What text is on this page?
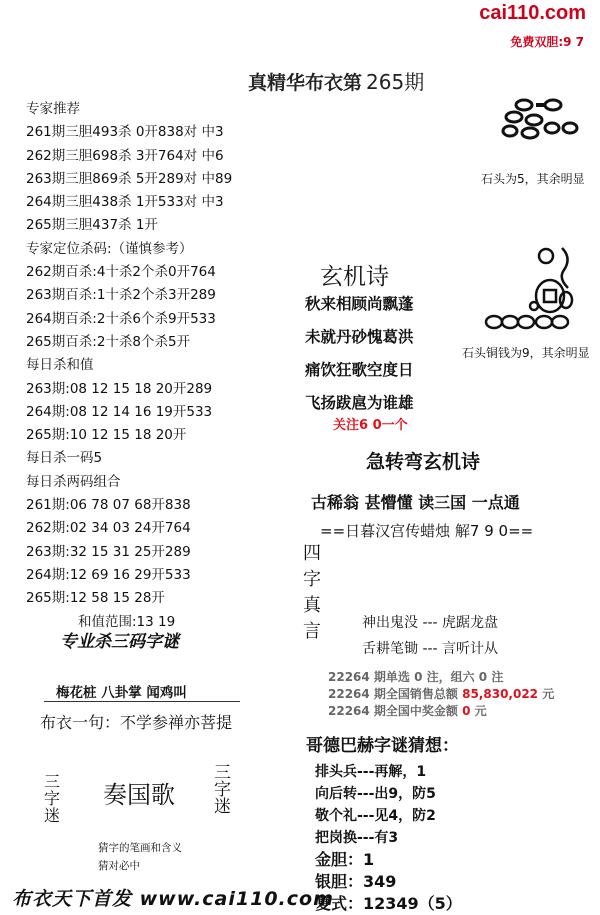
cai110.com
免费双胆:9 7
真精华布衣第 265期
专家推荐
261期三胆493杀 0开838对 中3
262期三胆698杀 3开764对 中6
263期三胆869杀 5开289对 中89
264期三胆438杀 1开533对 中3
265期三胆437杀 1开
专家定位杀码:（谨慎参考）
262期百杀:4十杀2个杀0开764
263期百杀:1十杀2个杀3开289
264期百杀:2十杀6个杀9开533
265期百杀:2十杀8个杀5开
每日杀和值
263期:08 12 15 18 20开289
264期:08 12 14 16 19开533
265期:10 12 15 18 20开
每日杀一码5
每日杀两码组合
261期:06 78 07 68开838
262期:02 34 03 24开764
263期:32 15 31 25开289
264期:12 69 16 29开533
265期:12 58 15 28开
和值范围:13 19
石头为5，其余明显
石头铜钱为9，其余明显
玄机诗
秋来相顾尚飘蓬
未就丹砂愧葛洪
痛饮狂歌空度日
飞扬跋扈为谁雄
关注6 0一个
急转弯玄机诗
古稀翁 甚懵懂 读三国 一点通
==日暮汉宫传蜡烛 解7 9 0==
四字真言	神出鬼没 --- 虎踞龙盘
舌耕笔锄 --- 言听计从
22264 期单选 0 注，组六 0 注
22264 期全国销售总额 85,830,022 元
22264 期全国中奖金额 0 元
哥德巴赫字谜猜想：
排头兵---再解，1
向后转---出9，防5
敬个礼---见4，防2
把岗换---有3
金胆：1
银胆：349
复式：12349（5）
专业杀三码字谜
梅花桩 八卦掌 闻鸡叫
布衣一句：不学参禅亦菩提
三字迷
奏国歌
三字迷
猜字的笔画和含义
猜对必中
布衣天下首发 www.cai110.com
